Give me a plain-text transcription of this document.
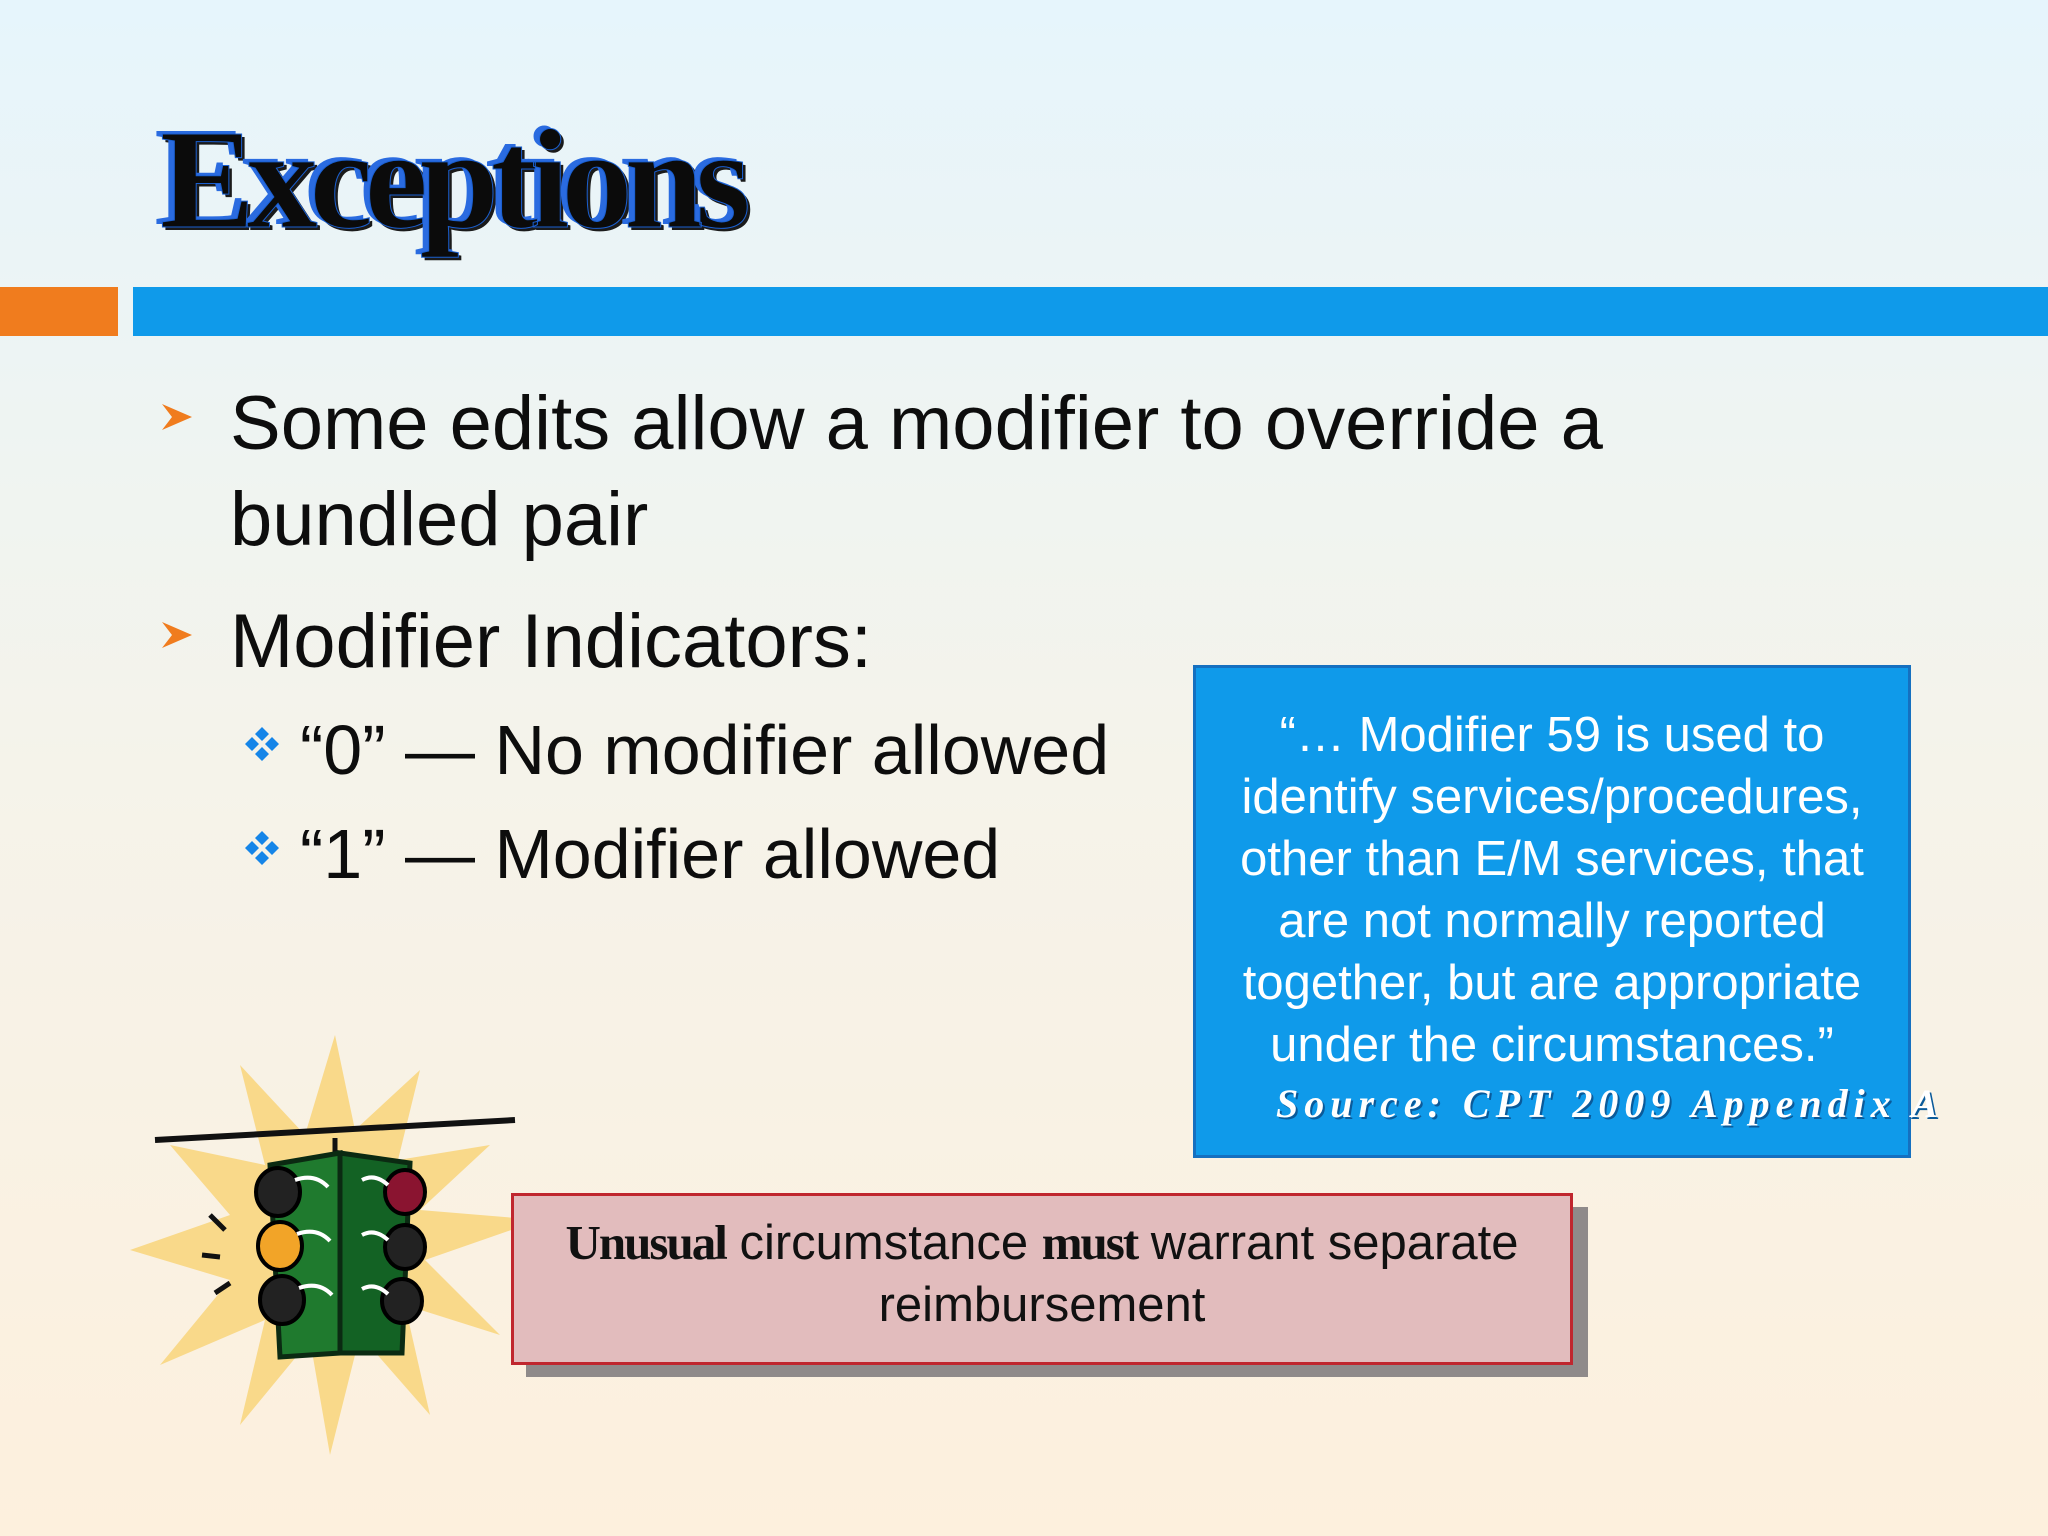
Exceptions
Some edits allow a modifier to override a bundled pair
Modifier Indicators:
“0” — No modifier allowed
“1” — Modifier allowed
“… Modifier 59 is used to identify services/procedures, other than E/M services, that are not normally reported together, but are appropriate under the circumstances.”
Source: CPT 2009 Appendix A
Unusual circumstance must warrant separate reimbursement
